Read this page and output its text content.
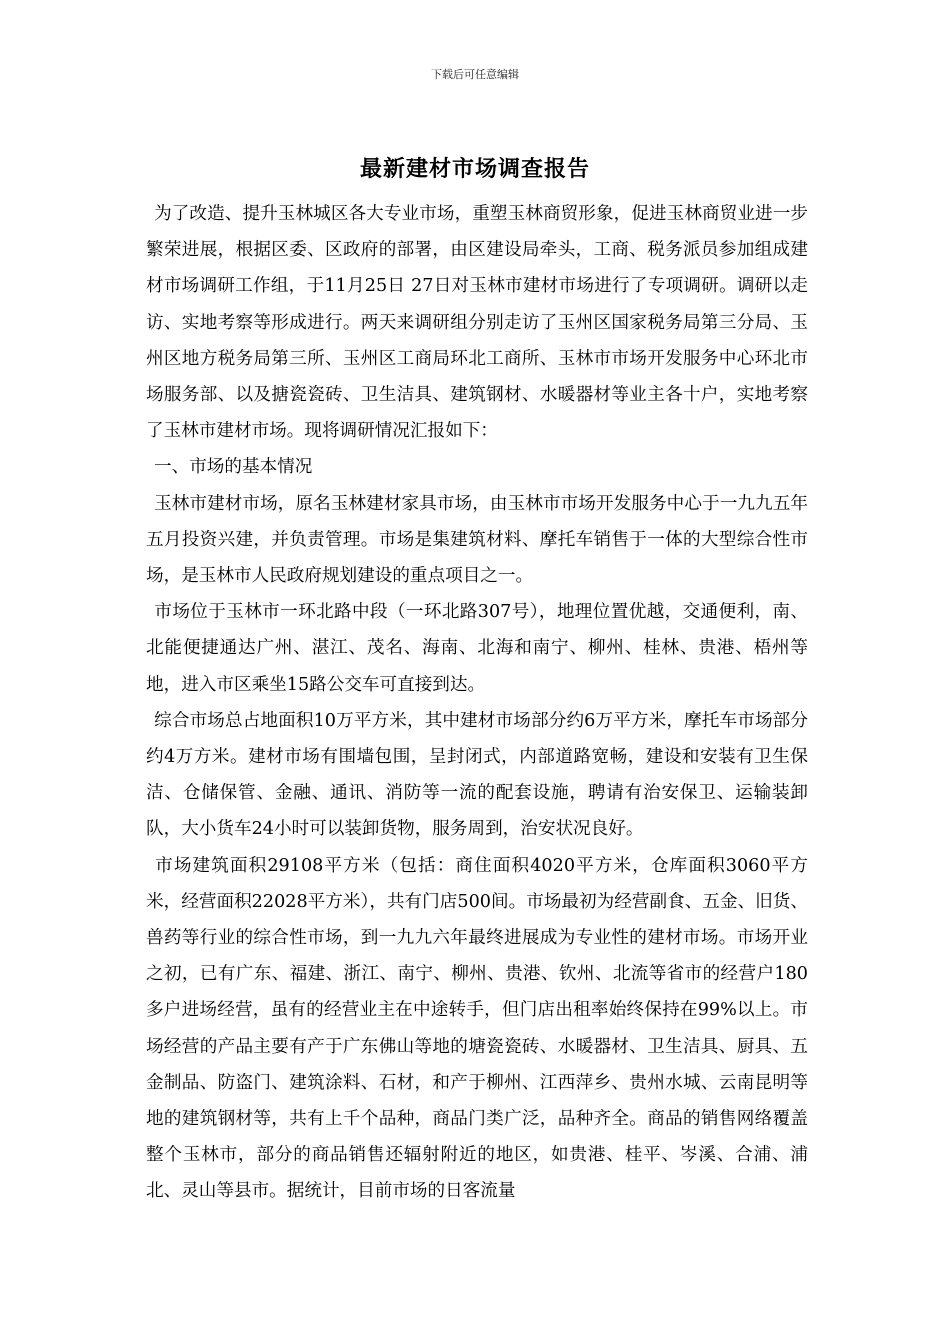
下载后可任意编辑
最新建材市场调查报告

为了改造、提升玉林城区各大专业市场，重塑玉林商贸形象，促进玉林商贸业进一步繁荣进展，根据区委、区政府的部署，由区建设局牵头，工商、税务派员参加组成建材市场调研工作组，于11月25日 27日对玉林市建材市场进行了专项调研。调研以走访、实地考察等形成进行。两天来调研组分别走访了玉州区国家税务局第三分局、玉州区地方税务局第三所、玉州区工商局环北工商所、玉林市市场开发服务中心环北市场服务部、以及搪瓷瓷砖、卫生洁具、建筑钢材、水暖器材等业主各十户，实地考察了玉林市建材市场。现将调研情况汇报如下：

一、市场的基本情况

玉林市建材市场，原名玉林建材家具市场，由玉林市市场开发服务中心于一九九五年五月投资兴建，并负责管理。市场是集建筑材料、摩托车销售于一体的大型综合性市场，是玉林市人民政府规划建设的重点项目之一。

市场位于玉林市一环北路中段（一环北路307号），地理位置优越，交通便利，南、北能便捷通达广州、湛江、茂名、海南、北海和南宁、柳州、桂林、贵港、梧州等地，进入市区乘坐15路公交车可直接到达。

综合市场总占地面积10万平方米，其中建材市场部分约6万平方米，摩托车市场部分约4万方米。建材市场有围墙包围，呈封闭式，内部道路宽畅，建设和安装有卫生保洁、仓储保管、金融、通讯、消防等一流的配套设施，聘请有治安保卫、运输装卸队，大小货车24小时可以装卸货物，服务周到，治安状况良好。

市场建筑面积29108平方米（包括：商住面积4020平方米，仓库面积3060平方米，经营面积22028平方米），共有门店500间。市场最初为经营副食、五金、旧货、兽药等行业的综合性市场，到一九九六年最终进展成为专业性的建材市场。市场开业之初，已有广东、福建、浙江、南宁、柳州、贵港、钦州、北流等省市的经营户180多户进场经营，虽有的经营业主在中途转手，但门店出租率始终保持在99%以上。市场经营的产品主要有产于广东佛山等地的塘瓷瓷砖、水暖器材、卫生洁具、厨具、五金制品、防盗门、建筑涂料、石材，和产于柳州、江西萍乡、贵州水城、云南昆明等地的建筑钢材等，共有上千个品种，商品门类广泛，品种齐全。商品的销售网络覆盖整个玉林市，部分的商品销售还辐射附近的地区，如贵港、桂平、岑溪、合浦、浦北、灵山等县市。据统计，目前市场的日客流量
